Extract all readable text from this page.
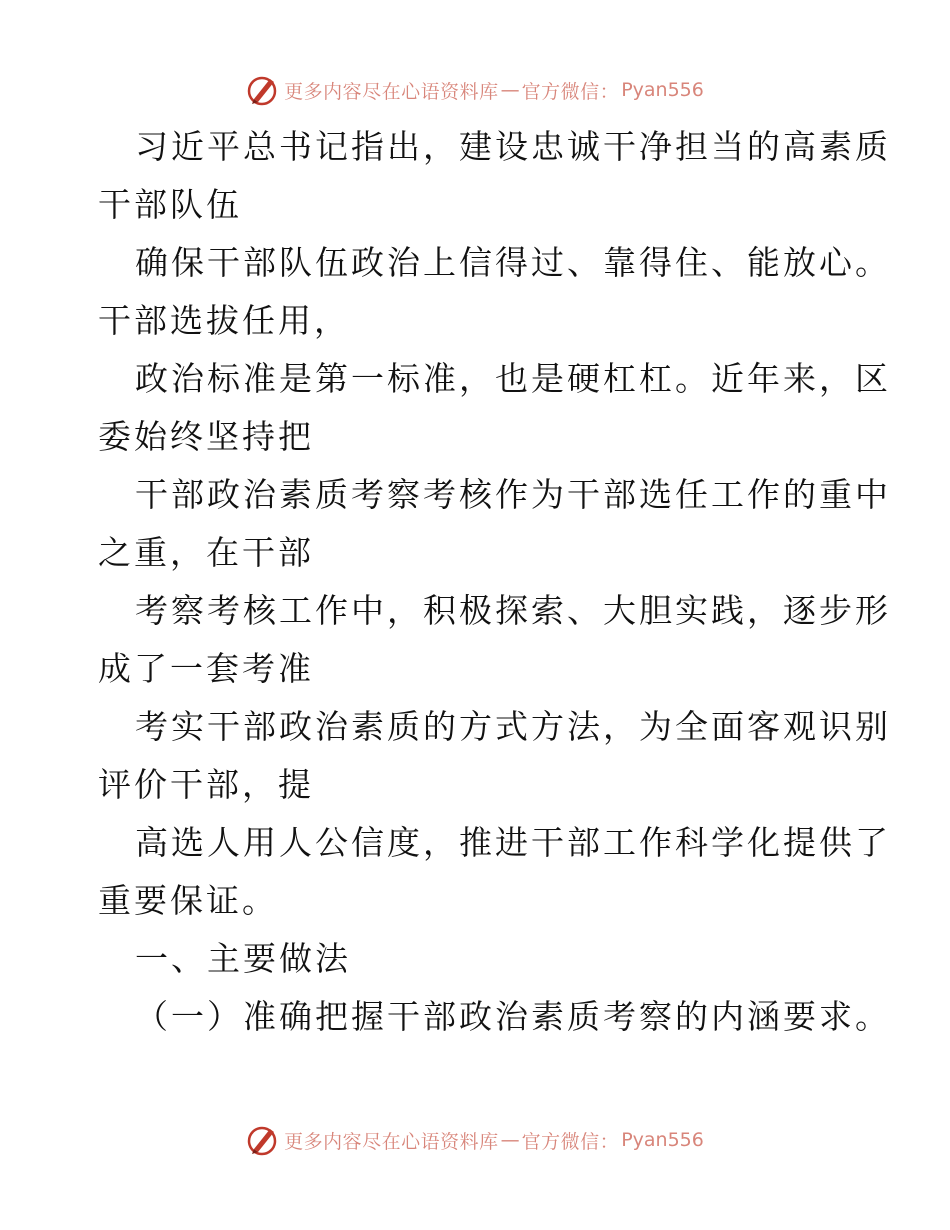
更多内容尽在心语资料库 — 官方微信： Pyan556

习近平总书记指出，建设忠诚干净担当的高素质
干部队伍

确保干部队伍政治上信得过、靠得住、能放心。
干部选拔任用，

政治标准是第一标准，也是硬杠杠。近年来，区
委始终坚持把

干部政治素质考察考核作为干部选任工作的重中
之重，在干部

考察考核工作中，积极探索、大胆实践，逐步形
成了一套考准

考实干部政治素质的方式方法，为全面客观识别
评价干部，提

高选人用人公信度，推进干部工作科学化提供了
重要保证。

一、主要做法

（一）准确把握干部政治素质考察的内涵要求。

更多内容尽在心语资料库 — 官方微信： Pyan556
